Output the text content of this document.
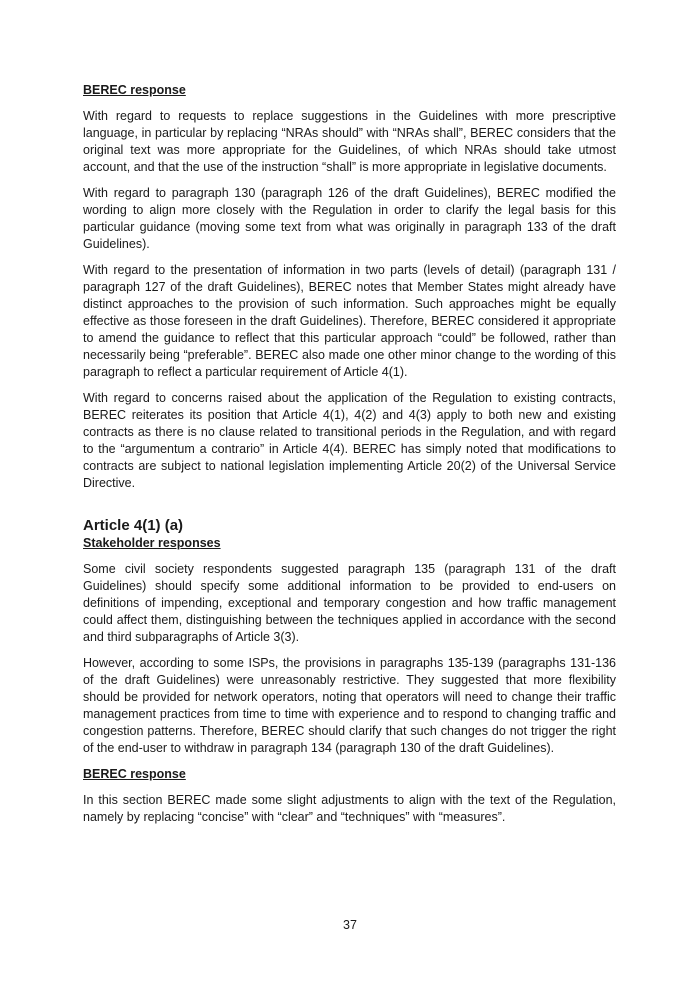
BEREC response

With regard to requests to replace suggestions in the Guidelines with more prescriptive language, in particular by replacing “NRAs should” with “NRAs shall”, BEREC considers that the original text was more appropriate for the Guidelines, of which NRAs should take utmost account, and that the use of the instruction “shall” is more appropriate in legislative documents.

With regard to paragraph 130 (paragraph 126 of the draft Guidelines), BEREC modified the wording to align more closely with the Regulation in order to clarify the legal basis for this particular guidance (moving some text from what was originally in paragraph 133 of the draft Guidelines).

With regard to the presentation of information in two parts (levels of detail) (paragraph 131 / paragraph 127 of the draft Guidelines), BEREC notes that Member States might already have distinct approaches to the provision of such information. Such approaches might be equally effective as those foreseen in the draft Guidelines). Therefore, BEREC considered it appropriate to amend the guidance to reflect that this particular approach “could” be followed, rather than necessarily being “preferable”. BEREC also made one other minor change to the wording of this paragraph to reflect a particular requirement of Article 4(1).

With regard to concerns raised about the application of the Regulation to existing contracts, BEREC reiterates its position that Article 4(1), 4(2) and 4(3) apply to both new and existing contracts as there is no clause related to transitional periods in the Regulation, and with regard to the “argumentum a contrario” in Article 4(4). BEREC has simply noted that modifications to contracts are subject to national legislation implementing Article 20(2) of the Universal Service Directive.

Article 4(1) (a)
Stakeholder responses

Some civil society respondents suggested paragraph 135 (paragraph 131 of the draft Guidelines) should specify some additional information to be provided to end-users on definitions of impending, exceptional and temporary congestion and how traffic management could affect them, distinguishing between the techniques applied in accordance with the second and third subparagraphs of Article 3(3).

However, according to some ISPs, the provisions in paragraphs 135-139 (paragraphs 131-136 of the draft Guidelines) were unreasonably restrictive. They suggested that more flexibility should be provided for network operators, noting that operators will need to change their traffic management practices from time to time with experience and to respond to changing traffic and congestion patterns. Therefore, BEREC should clarify that such changes do not trigger the right of the end-user to withdraw in paragraph 134 (paragraph 130 of the draft Guidelines).

BEREC response

In this section BEREC made some slight adjustments to align with the text of the Regulation, namely by replacing “concise” with “clear” and “techniques” with “measures”.

37
